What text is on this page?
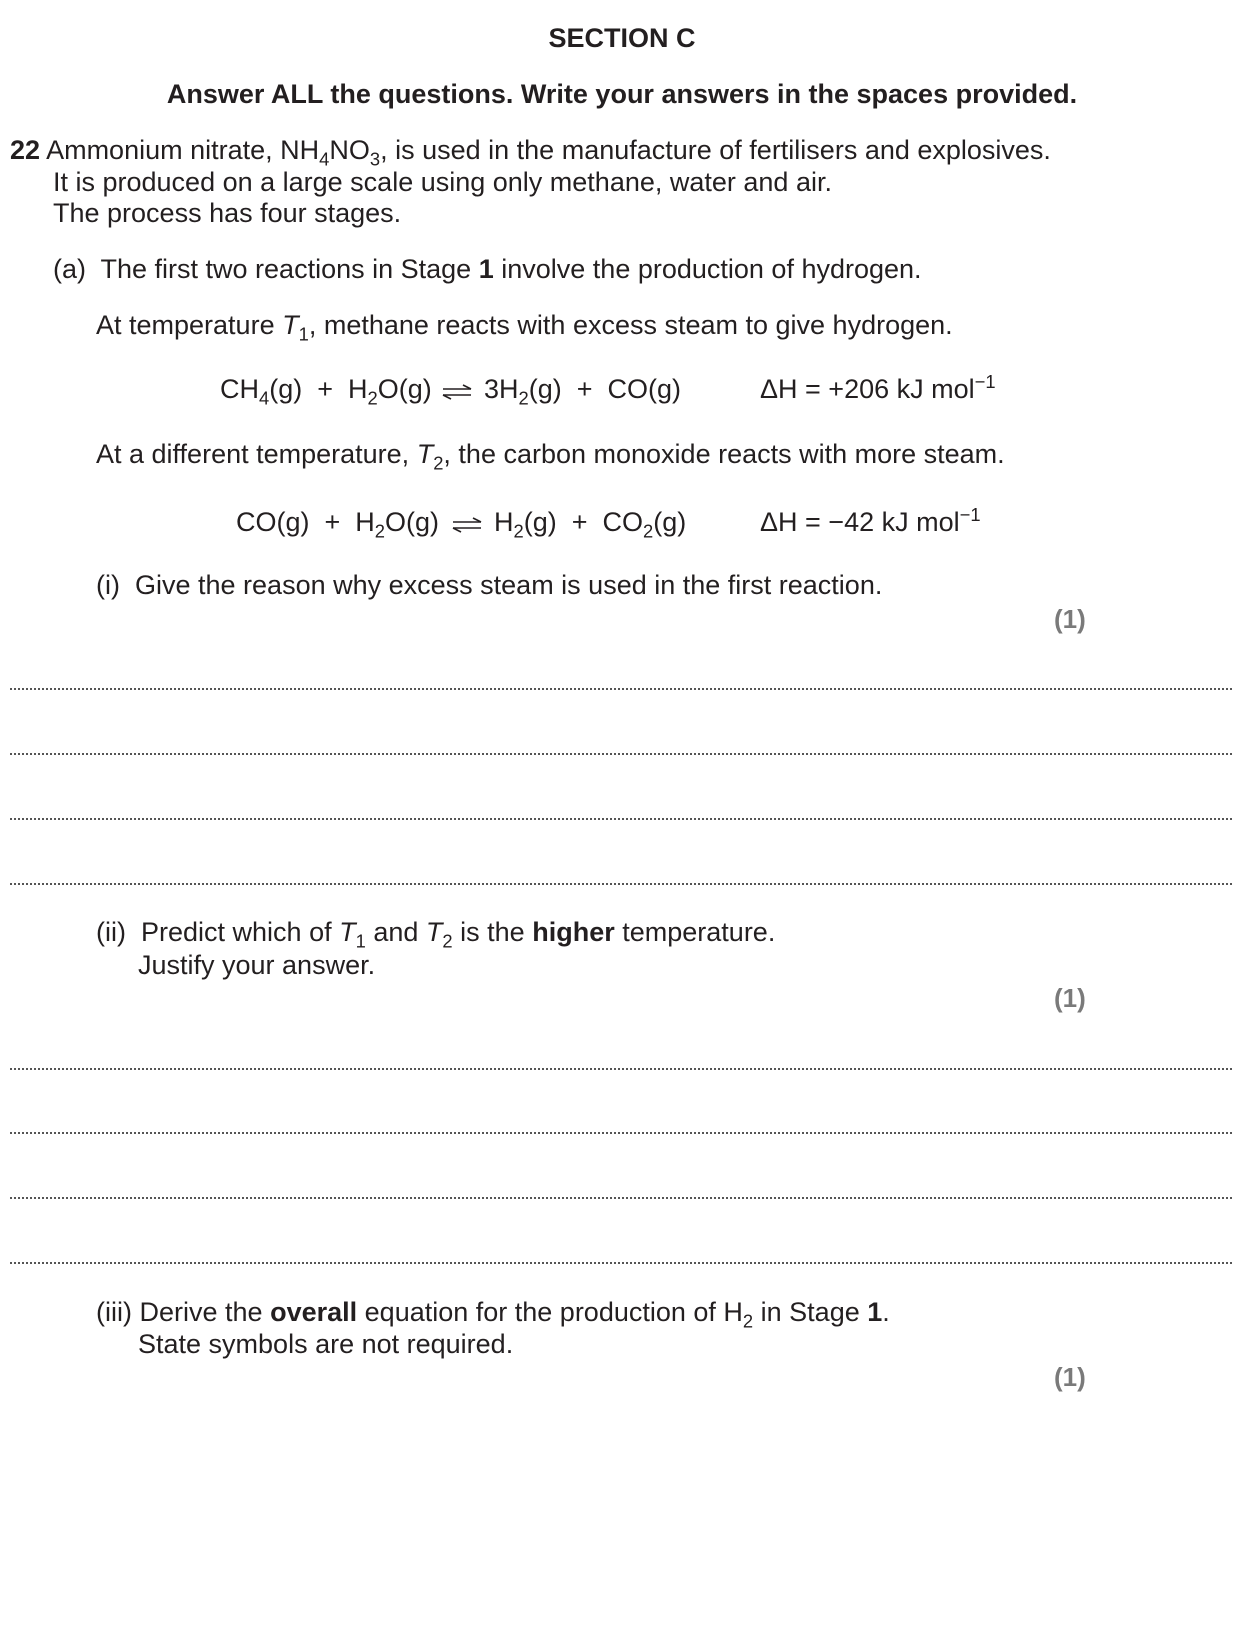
SECTION C
Answer ALL the questions. Write your answers in the spaces provided.
22 Ammonium nitrate, $NH_4NO_3$, is used in the manufacture of fertilisers and explosives.
It is produced on a large scale using only methane, water and air.
The process has four stages.
(a) The first two reactions in Stage 1 involve the production of hydrogen.
At temperature $T_1$, methane reacts with excess steam to give hydrogen.
$CH_4(g) + H_2O(g)$ ⇌ $3H_2(g) + CO(g)$	ΔH = +206 kJ mol$^{-1}$
At a different temperature, $T_2$, the carbon monoxide reacts with more steam.
$CO(g) + H_2O(g)$ ⇌ $H_2(g) + CO_2(g)$	ΔH = −42 kJ mol$^{-1}$
(i) Give the reason why excess steam is used in the first reaction.
(1)
(ii) Predict which of $T_1$ and $T_2$ is the higher temperature.
Justify your answer.
(1)
(iii) Derive the overall equation for the production of $H_2$ in Stage 1.
State symbols are not required.
(1)
